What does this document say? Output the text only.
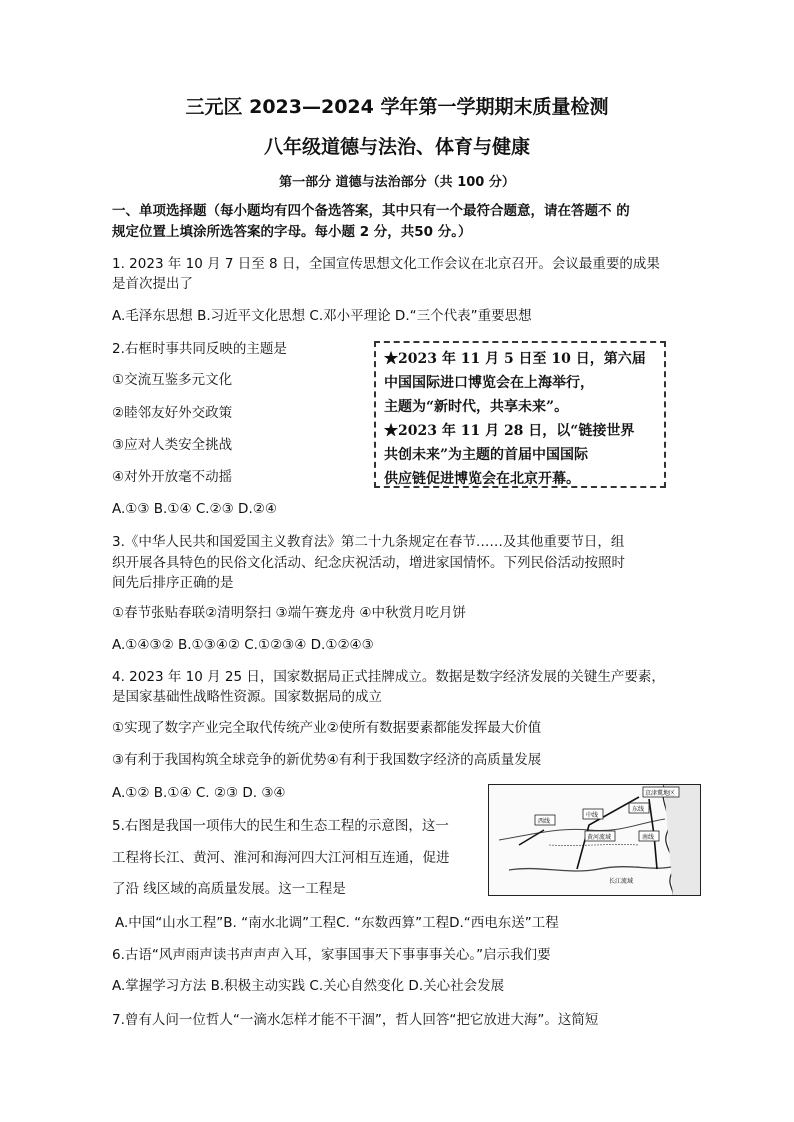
三元区 2023—2024 学年第一学期期末质量检测
八年级道德与法治、体育与健康
第一部分 道德与法治部分（共 100 分）
一、单项选择题（每小题均有四个备选答案，其中只有一个最符合题意，请在答题不 的
规定位置上填涂所选答案的字母。每小题 2 分，共50 分。）
1. 2023 年 10 月 7 日至 8 日，全国宣传思想文化工作会议在北京召开。会议最重要的成果
是首次提出了
A.毛泽东思想 B.习近平文化思想 C.邓小平理论 D.“三个代表”重要思想
2.右框时事共同反映的主题是
①交流互鉴多元文化
②睦邻友好外交政策
③应对人类安全挑战
④对外开放毫不动摇
A.①③ B.①④ C.②③ D.②④
★2023 年 11 月 5 日至 10 日，第六届
中国国际进口博览会在上海举行，
主题为“新时代，共享未来”。
★2023 年 11 月 28 日，以“链接世界
共创未来”为主题的首届中国国际
供应链促进博览会在北京开幕。
3.《中华人民共和国爱国主义教育法》第二十九条规定在春节……及其他重要节日，组
织开展各具特色的民俗文化活动、纪念庆祝活动，增进家国情怀。下列民俗活动按照时
间先后排序正确的是
①春节张贴春联②清明祭扫 ③端午赛龙舟 ④中秋赏月吃月饼
A.①④③② B.①③④② C.①②③④ D.①②④③
4. 2023 年 10 月 25 日，国家数据局正式挂牌成立。数据是数字经济发展的关键生产要素，
是国家基础性战略性资源。国家数据局的成立
①实现了数字产业完全取代传统产业②使所有数据要素都能发挥最大价值
③有利于我国构筑全球竞争的新优势④有利于我国数字经济的高质量发展
A.①② B.①④ C. ②③ D. ③④
5.右图是我国一项伟大的民生和生态工程的示意图，这一
工程将长江、黄河、淮河和海河四大江河相互连通，促进
了沿 线区域的高质量发展。这一工程是
A.中国“山水工程”B. “南水北调”工程C. “东数西算”工程D.“西电东送”工程
西线
中线
东线
黄河流域
京津冀地区
南线
长江流域
6.古语“风声雨声读书声声声入耳，家事国事天下事事事关心。”启示我们要
A.掌握学习方法 B.积极主动实践 C.关心自然变化 D.关心社会发展
7.曾有人问一位哲人“一滴水怎样才能不干涸”，哲人回答“把它放进大海”。这简短
